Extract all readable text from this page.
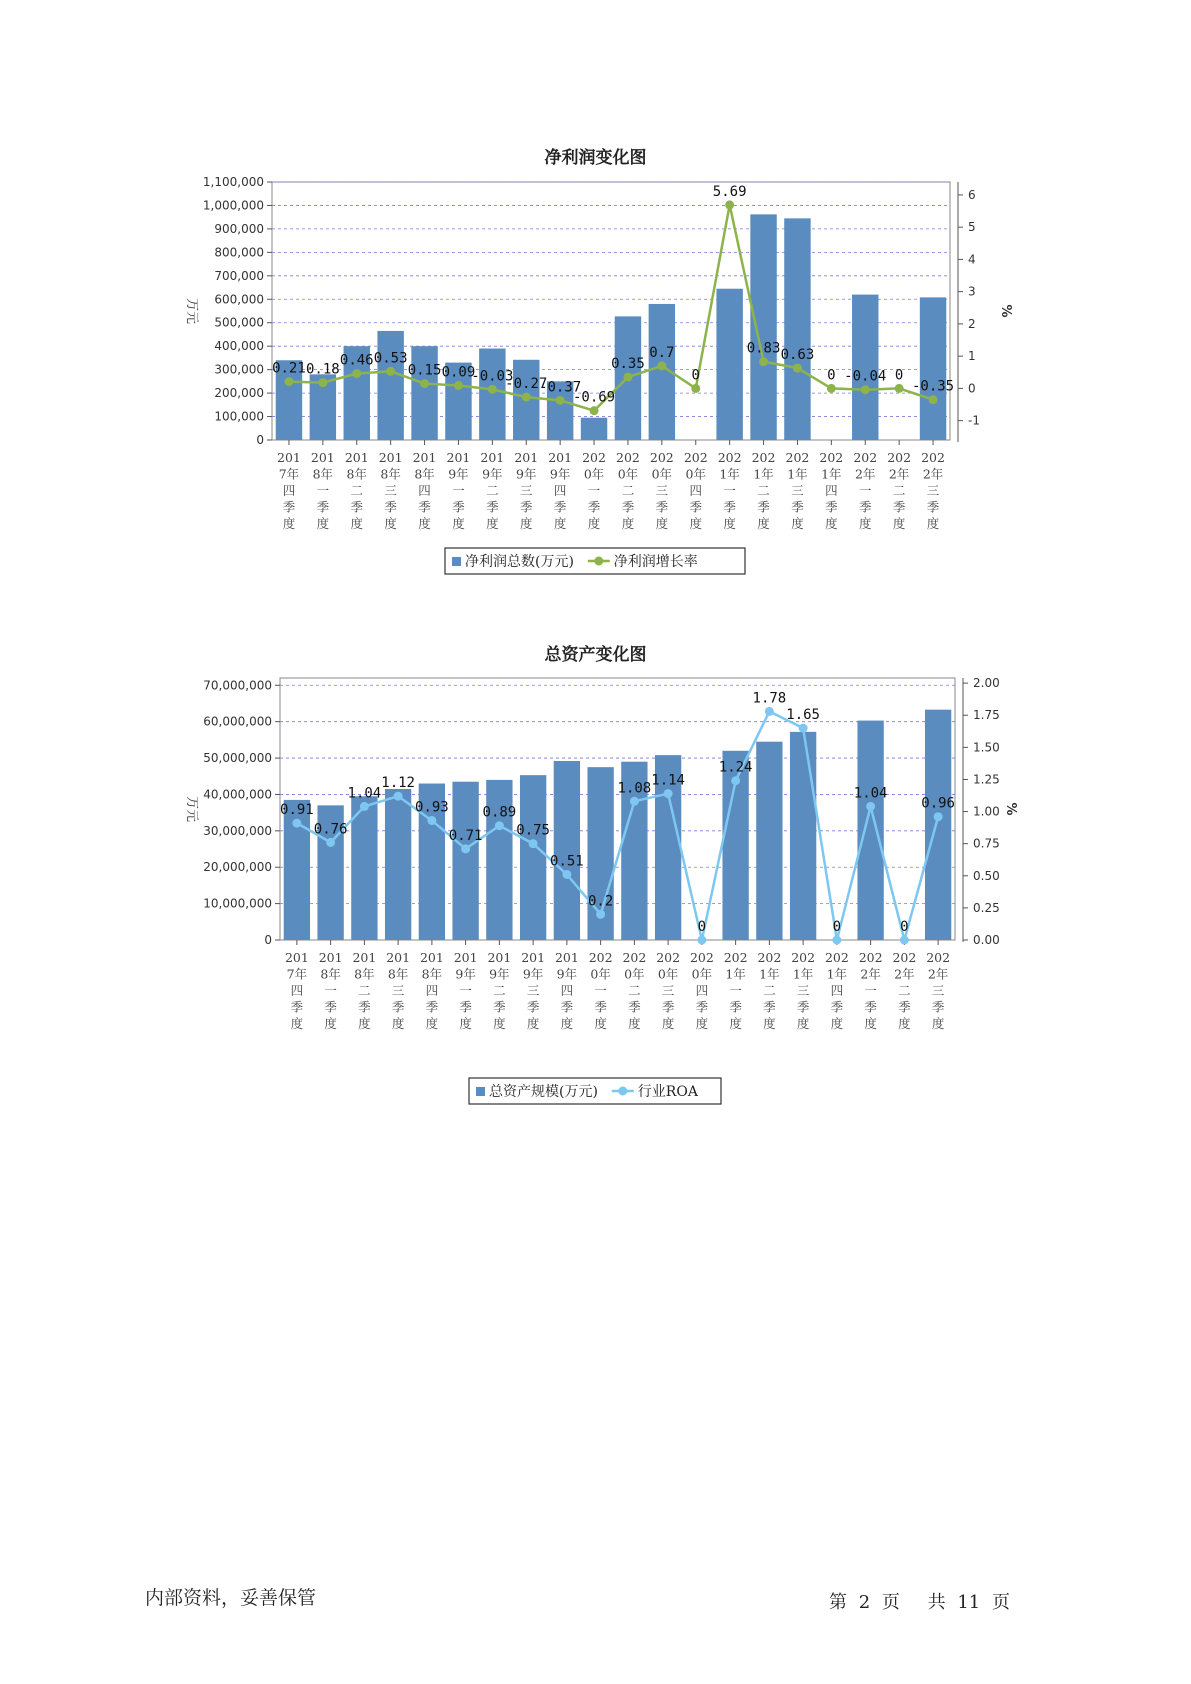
净利润变化图
0
100,000
200,000
300,000
400,000
500,000
600,000
700,000
800,000
900,000
1,000,000
1,100,000
-1
0
1
2
3
4
5
6
万元	%
201 7年四季度
201 8年一季度
201 8年二季度
201 8年三季度
201 8年四季度
201 9年一季度
201 9年二季度
201 9年三季度
201 9年四季度
202 0年一季度
202 0年二季度
202 0年三季度
202 0年四季度
202 1年一季度
202 1年二季度
202 1年三季度
202 1年四季度
202 2年一季度
202 2年二季度
202 2年三季度
0.21 0.18
0.46 0.53
0.15 0.09
-0.03
-0.27
-0.37
-0.69
0.35
0.7
0
5.69
0.83 0.63
0 -0.04 0
-0.35
净利润总数(万元)	净利润增长率
总资产变化图
0
10,000,000
20,000,000
30,000,000
40,000,000
50,000,000
60,000,000
70,000,000
0.00
0.25
0.50
0.75
1.00
1.25
1.50
1.75
2.00
万元	%
201 7年四季度
201 8年一季度
201 8年二季度
201 8年三季度
201 8年四季度
201 9年一季度
201 9年二季度
201 9年三季度
201 9年四季度
202 0年一季度
202 0年二季度
202 0年三季度
202 0年四季度
202 1年一季度
202 1年二季度
202 1年三季度
202 1年四季度
202 2年一季度
202 2年二季度
202 2年三季度
0.91
0.76
1.04
1.12
0.93
0.71
0.89
0.75
0.51
0.2
1.08 1.14
0
1.24
1.78
1.65
0
1.04
0
0.96
总资产规模(万元)	行业ROA
内部资料，妥善保管	第 2 页 共 11 页
